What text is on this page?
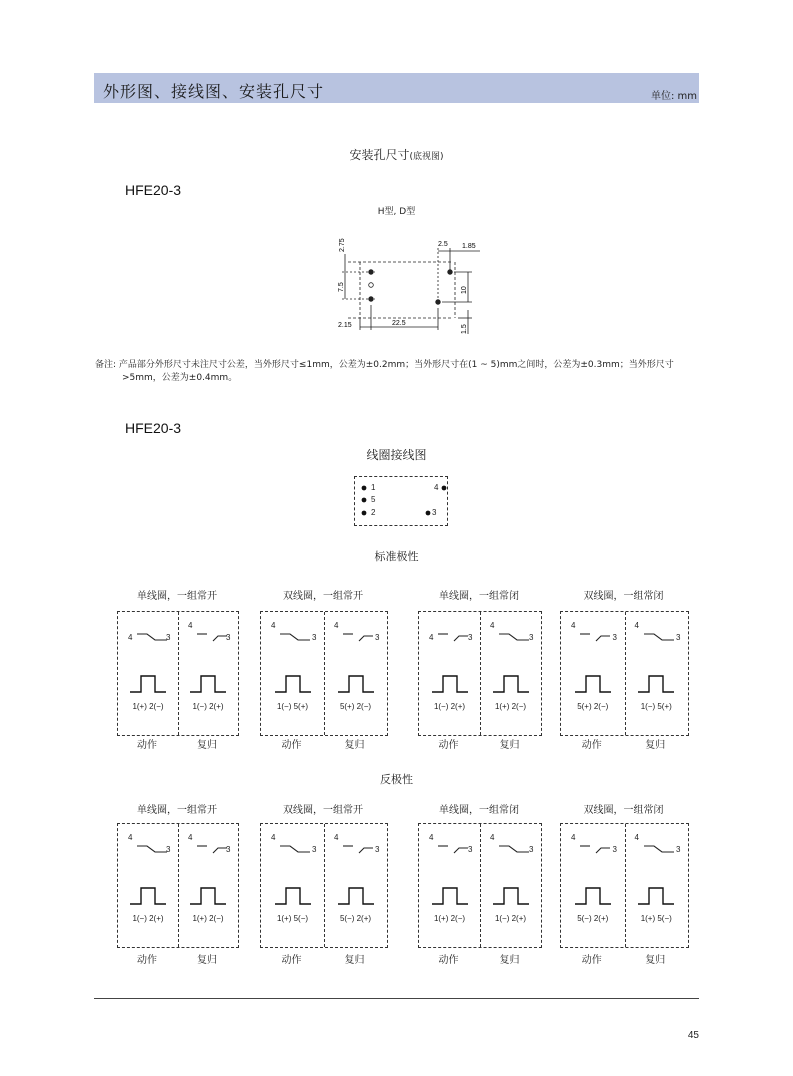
外形图、接线图、安装孔尺寸	单位: mm
安装孔尺寸(底视图)
HFE20-3
H型, D型
2.75	2.5 1.85
7.5	10
2.15	22.5
1.5
备注: 产品部分外形尺寸未注尺寸公差，当外形尺寸≤1mm，公差为±0.2mm；当外形尺寸在(1 ~ 5)mm之间时，公差为±0.3mm；当外形尺寸
>5mm，公差为±0.4mm。
HFE20-3
线圈接线图
1
5
2
4
3
标准极性
单线圈，一组常开
4	3
1(+) 2(−)
4
3
1(−) 2(+)
动作	复归
双线圈，一组常开
4
3
1(−) 5(+)
4
3
5(+) 2(−)
动作	复归
单线圈，一组常闭
4	3
1(−) 2(+)
4
3
1(+) 2(−)
动作	复归
双线圈，一组常闭
4
3
5(+) 2(−)
4
3
1(−) 5(+)
动作	复归
反极性
单线圈，一组常开
4
3
1(−) 2(+)
4
3
1(+) 2(−)
动作	复归
双线圈，一组常开
4
3
1(+) 5(−)
4
3
5(−) 2(+)
动作	复归
单线圈，一组常闭
4
3
1(+) 2(−)
4
3
1(−) 2(+)
动作	复归
双线圈，一组常闭
4
3
5(−) 2(+)
4
3
1(+) 5(−)
动作	复归
45
